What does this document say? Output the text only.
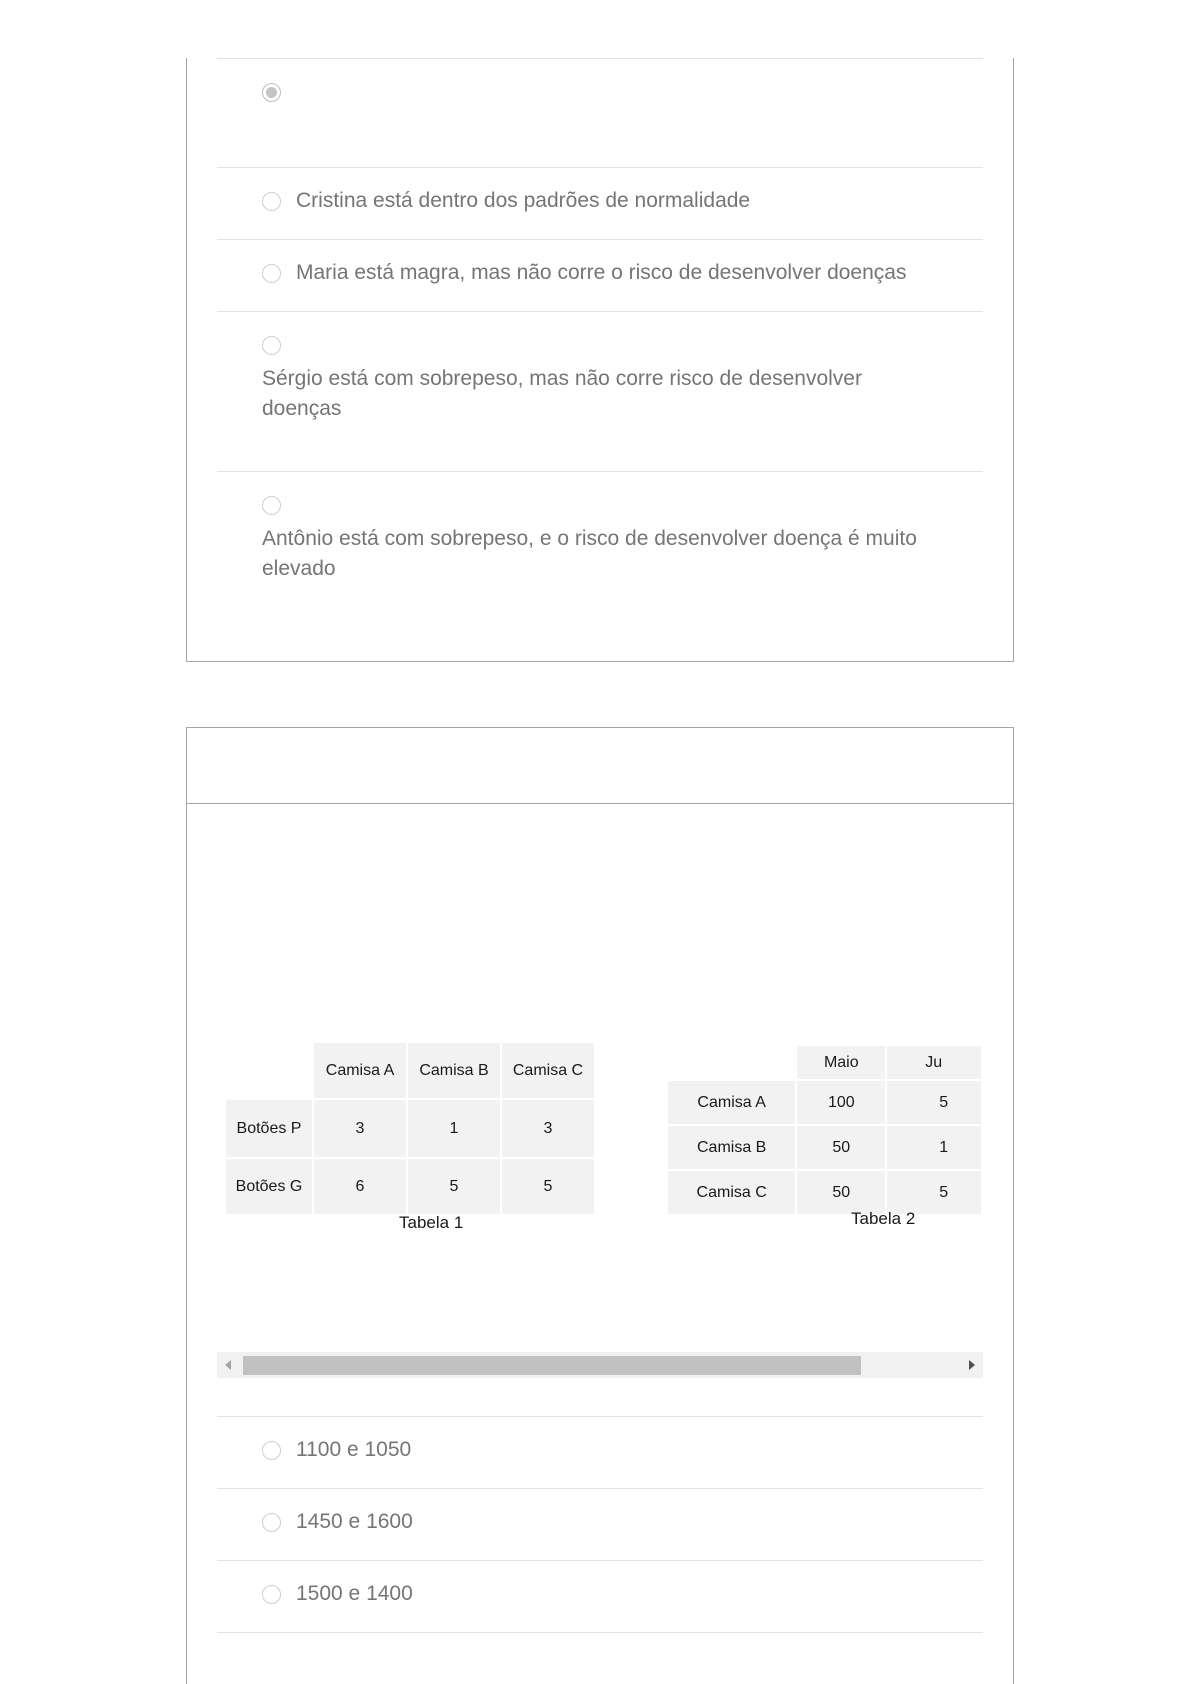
Cristina está dentro dos padrões de normalidade
Maria está magra, mas não corre o risco de desenvolver doenças
Sérgio está com sobrepeso, mas não corre risco de desenvolver doenças
Antônio está com sobrepeso, e o risco de desenvolver doença é muito elevado
	Camisa A	Camisa B	Camisa C
Botões P	3	1	3
Botões G	6	5	5
Tabela 1
	Maio	Ju
Camisa A	100	5
Camisa B	50	1
Camisa C	50	5
Tabela 2
1100 e 1050
1450 e 1600
1500 e 1400
